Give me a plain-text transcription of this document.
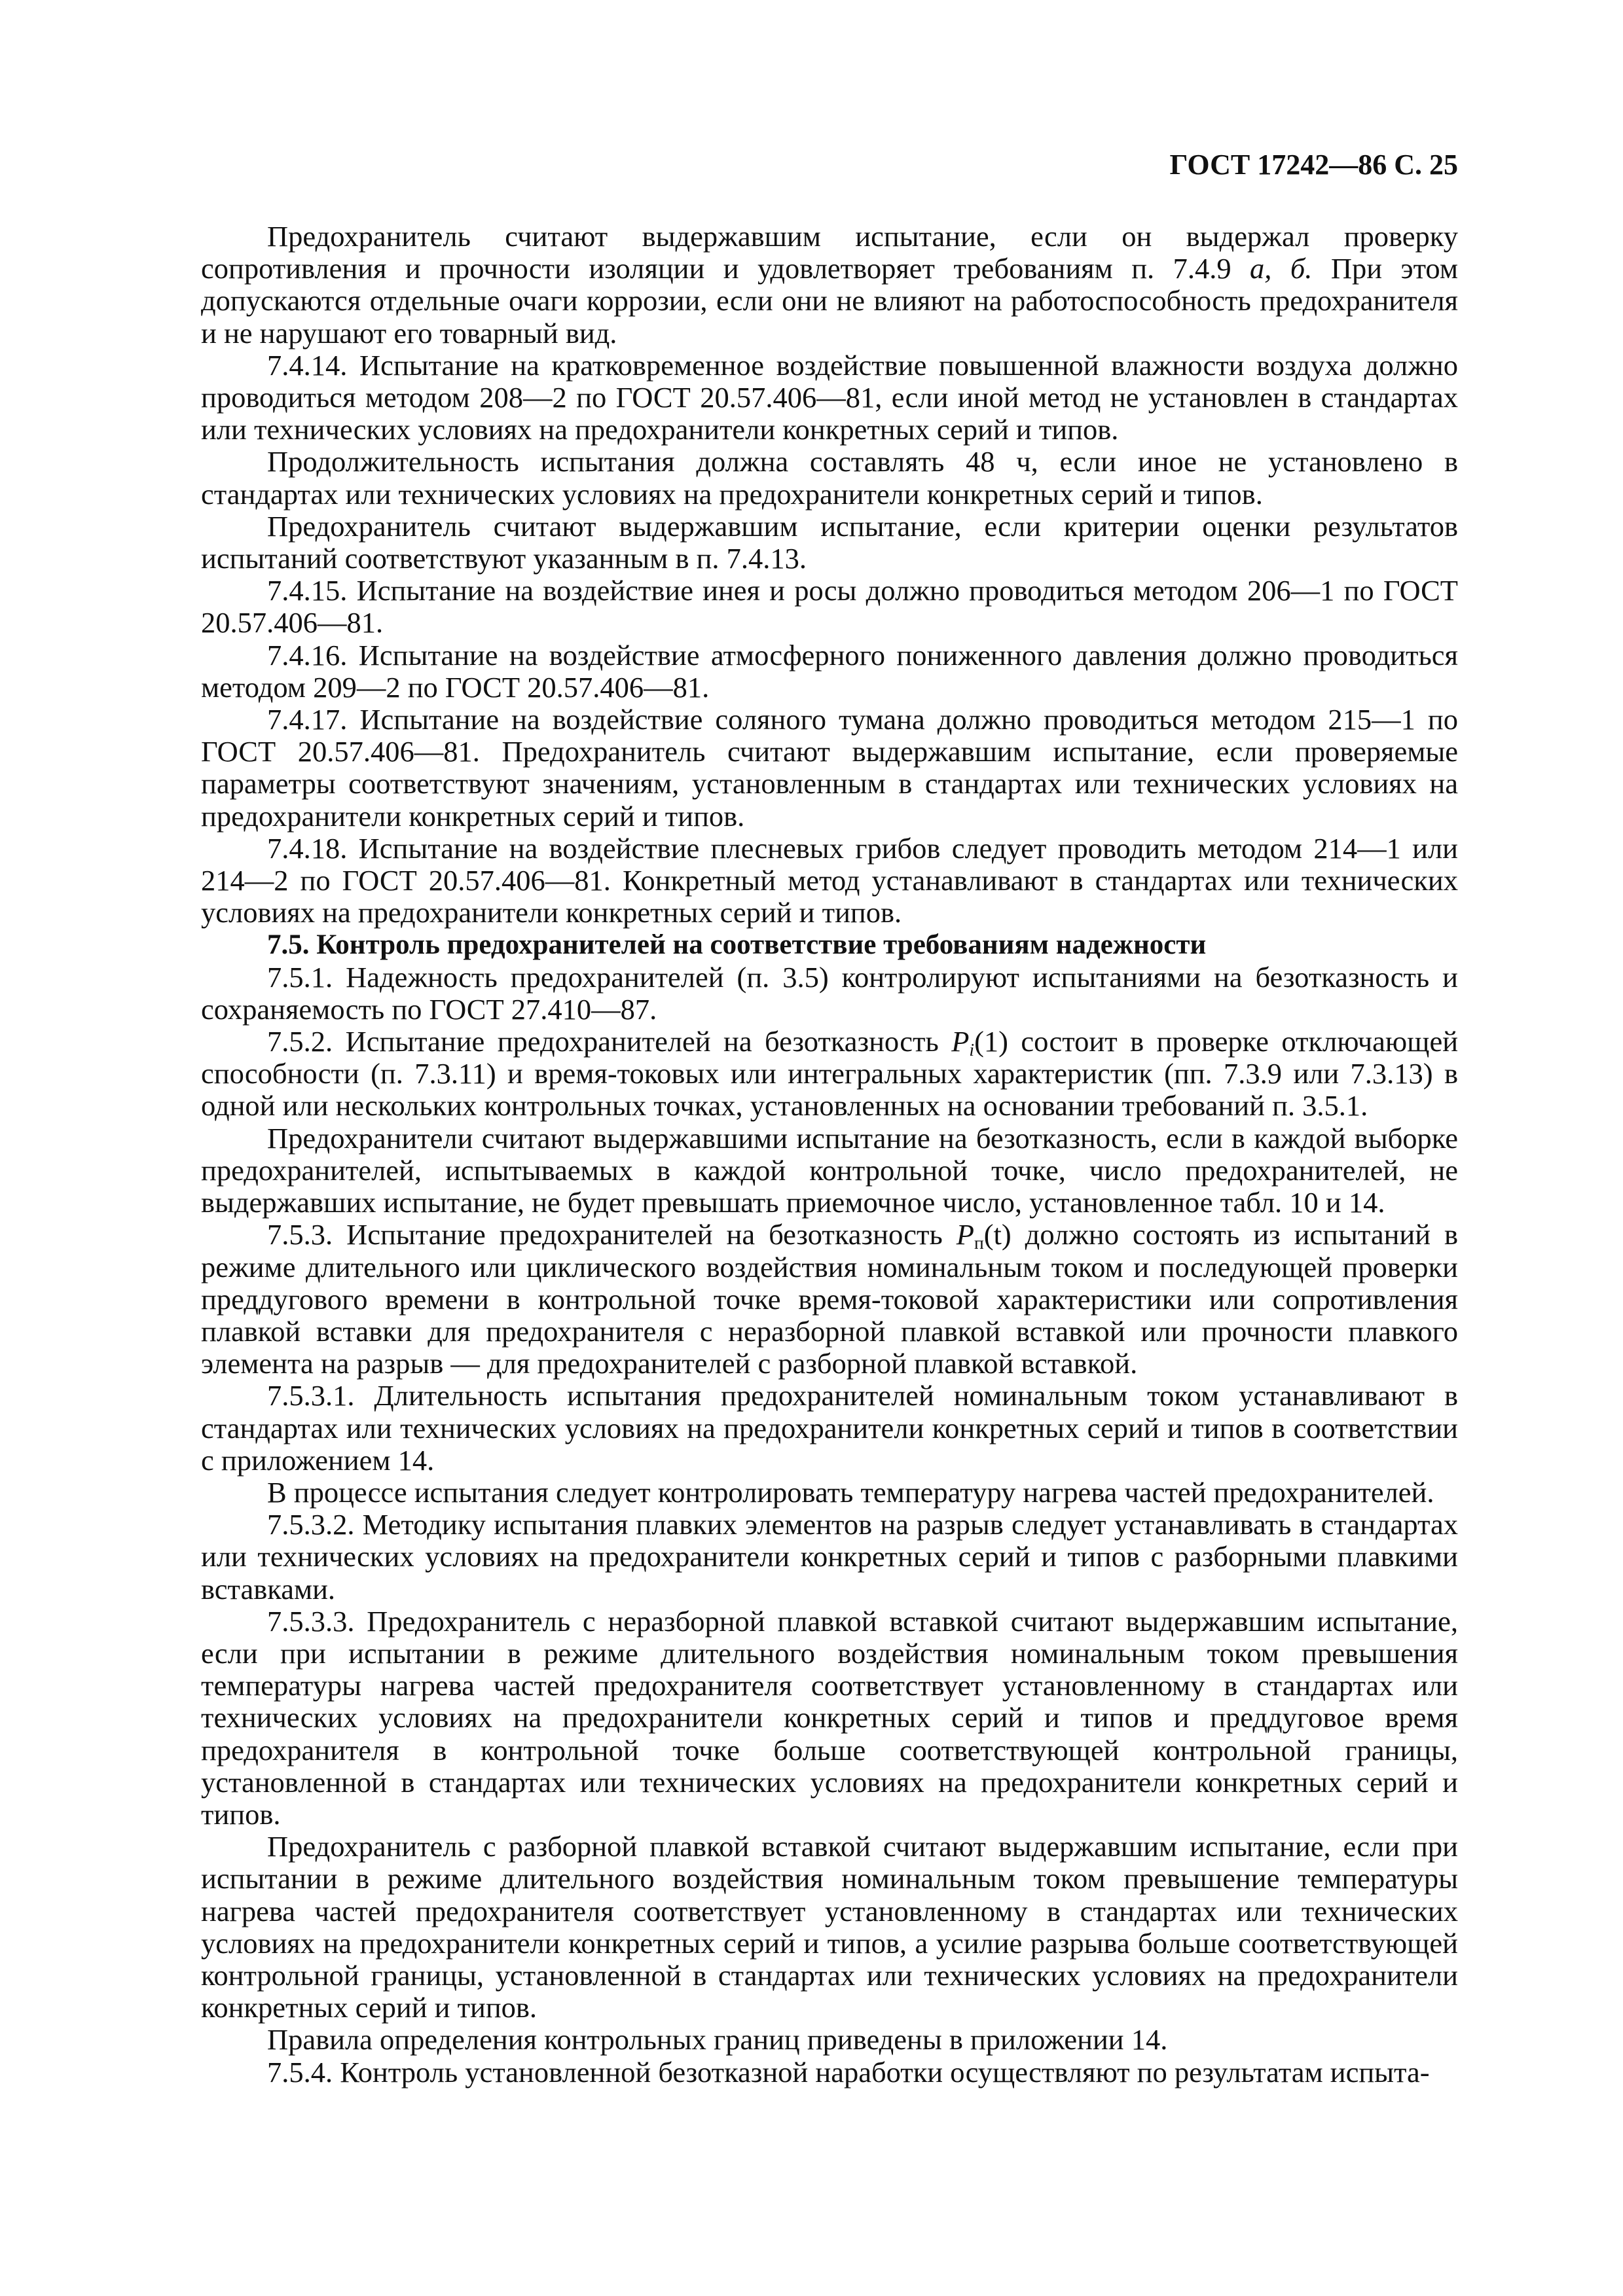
ГОСТ 17242—86 С. 25

Предохранитель считают выдержавшим испытание, если он выдержал проверку сопротивления и прочности изоляции и удовлетворяет требованиям п. 7.4.9 а, б. При этом допускаются отдельные очаги коррозии, если они не влияют на работоспособность предохранителя и не нарушают его товарный вид.

7.4.14. Испытание на кратковременное воздействие повышенной влажности воздуха должно проводиться методом 208—2 по ГОСТ 20.57.406—81, если иной метод не установлен в стандартах или технических условиях на предохранители конкретных серий и типов.

Продолжительность испытания должна составлять 48 ч, если иное не установлено в стандартах или технических условиях на предохранители конкретных серий и типов.

Предохранитель считают выдержавшим испытание, если критерии оценки результатов испытаний соответствуют указанным в п. 7.4.13.

7.4.15. Испытание на воздействие инея и росы должно проводиться методом 206—1 по ГОСТ 20.57.406—81.

7.4.16. Испытание на воздействие атмосферного пониженного давления должно проводиться методом 209—2 по ГОСТ 20.57.406—81.

7.4.17. Испытание на воздействие соляного тумана должно проводиться методом 215—1 по ГОСТ 20.57.406—81. Предохранитель считают выдержавшим испытание, если проверяемые параметры соответствуют значениям, установленным в стандартах или технических условиях на предохранители конкретных серий и типов.

7.4.18. Испытание на воздействие плесневых грибов следует проводить методом 214—1 или 214—2 по ГОСТ 20.57.406—81. Конкретный метод устанавливают в стандартах или технических условиях на предохранители конкретных серий и типов.

7.5. Контроль предохранителей на соответствие требованиям надежности

7.5.1. Надежность предохранителей (п. 3.5) контролируют испытаниями на безотказность и сохраняемость по ГОСТ 27.410—87.

7.5.2. Испытание предохранителей на безотказность $P_i(1)$ состоит в проверке отключающей способности (п. 7.3.11) и время-токовых или интегральных характеристик (пп. 7.3.9 или 7.3.13) в одной или нескольких контрольных точках, установленных на основании требований п. 3.5.1.

Предохранители считают выдержавшими испытание на безотказность, если в каждой выборке предохранителей, испытываемых в каждой контрольной точке, число предохранителей, не выдержавших испытание, не будет превышать приемочное число, установленное табл. 10 и 14.

7.5.3. Испытание предохранителей на безотказность $P_п(t)$ должно состоять из испытаний в режиме длительного или циклического воздействия номинальным током и последующей проверки преддугового времени в контрольной точке время-токовой характеристики или сопротивления плавкой вставки для предохранителя с неразборной плавкой вставкой или прочности плавкого элемента на разрыв — для предохранителей с разборной плавкой вставкой.

7.5.3.1. Длительность испытания предохранителей номинальным током устанавливают в стандартах или технических условиях на предохранители конкретных серий и типов в соответствии с приложением 14.

В процессе испытания следует контролировать температуру нагрева частей предохранителей.

7.5.3.2. Методику испытания плавких элементов на разрыв следует устанавливать в стандартах или технических условиях на предохранители конкретных серий и типов с разборными плавкими вставками.

7.5.3.3. Предохранитель с неразборной плавкой вставкой считают выдержавшим испытание, если при испытании в режиме длительного воздействия номинальным током превышения температуры нагрева частей предохранителя соответствует установленному в стандартах или технических условиях на предохранители конкретных серий и типов и преддуговое время предохранителя в контрольной точке больше соответствующей контрольной границы, установленной в стандартах или технических условиях на предохранители конкретных серий и типов.

Предохранитель с разборной плавкой вставкой считают выдержавшим испытание, если при испытании в режиме длительного воздействия номинальным током превышение температуры нагрева частей предохранителя соответствует установленному в стандартах или технических условиях на предохранители конкретных серий и типов, а усилие разрыва больше соответствующей контрольной границы, установленной в стандартах или технических условиях на предохранители конкретных серий и типов.

Правила определения контрольных границ приведены в приложении 14.

7.5.4. Контроль установленной безотказной наработки осуществляют по результатам испыта-
